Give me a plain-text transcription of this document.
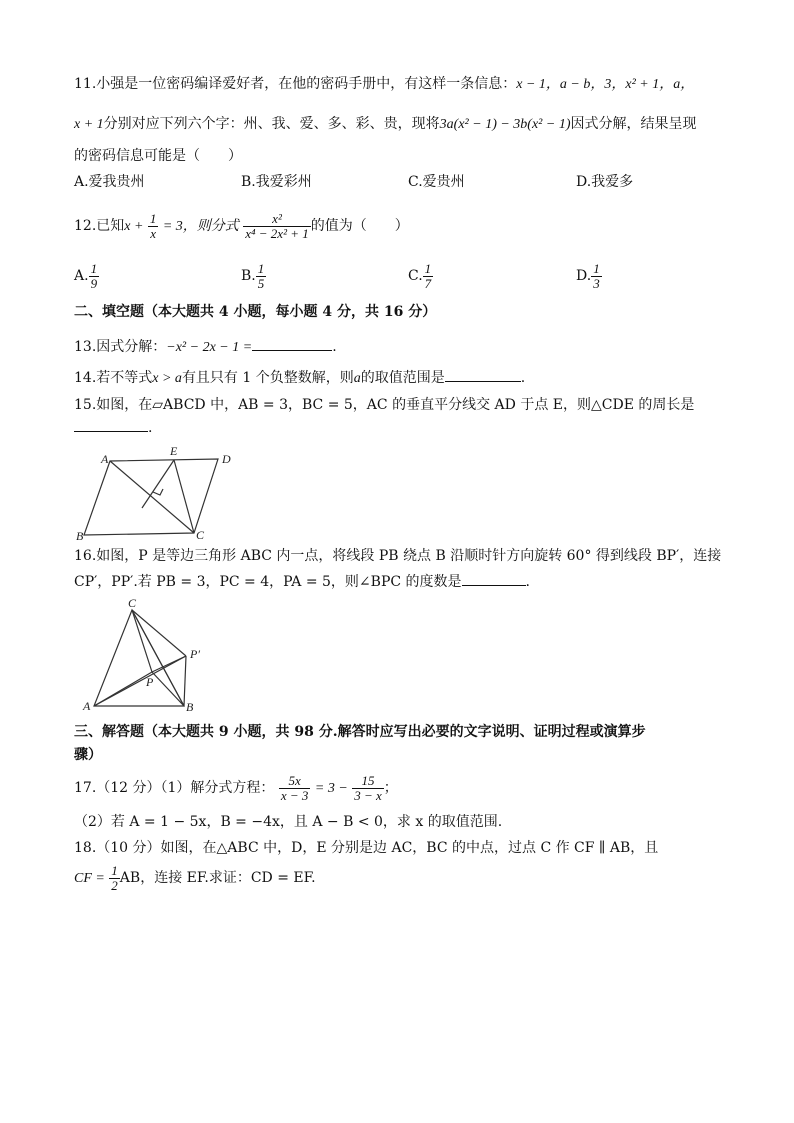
11.小强是一位密码编译爱好者，在他的密码手册中，有这样一条信息：x − 1，a − b，3，x² + 1，a，
x + 1分别对应下列六个字：州、我、爱、多、彩、贵，现将3a(x² − 1) − 3b(x² − 1)因式分解，结果呈现
的密码信息可能是（　　）
A.爱我贵州	B.我爱彩州	C.爱贵州	D.我爱多
12.已知$x + \frac{1}{x} = 3$，则分式 $\frac{\text{x²}}{\text{x⁴ − 2x² + 1}}$ 的值为（　　）
A. $\frac{1}{9}$	B. $\frac{1}{5}$	C. $\frac{1}{7}$	D. $\frac{1}{3}$
二、填空题（本大题共 4 小题，每小题 4 分，共 16 分）
13.因式分解：−x² − 2x − 1 =	.
14.若不等式x > a有且只有 1 个负整数解，则a的取值范围是	.
15.如图，在▱ABCD 中，AB = 3，BC = 5，AC 的垂直平分线交 AD 于点 E，则△CDE 的周长是
.
A
E
D
B	C
16.如图，P 是等边三角形 ABC 内一点，将线段 PB 绕点 B 沿顺时针方向旋转 60° 得到线段 BP′，连接
CP′，PP′.若 PB = 3，PC = 4，PA = 5，则∠BPC 的度数是	.
C
P′
P
A	B
三、解答题（本大题共 9 小题，共 98 分.解答时应写出必要的文字说明、证明过程或演算步
骤）
17.（12 分）（1）解分式方程： $\frac{5x}{x - 3} = 3 - \frac{15}{3 - x}$ ；
（2）若 A = 1 − 5x，B = −4x，且 A − B < 0，求 x 的取值范围.
18.（10 分）如图，在△ABC 中，D，E 分别是边 AC，BC 的中点，过点 C 作 CF ∥ AB，且
CF = $\frac{1}{2}$ AB，连接 EF.求证：CD = EF.
